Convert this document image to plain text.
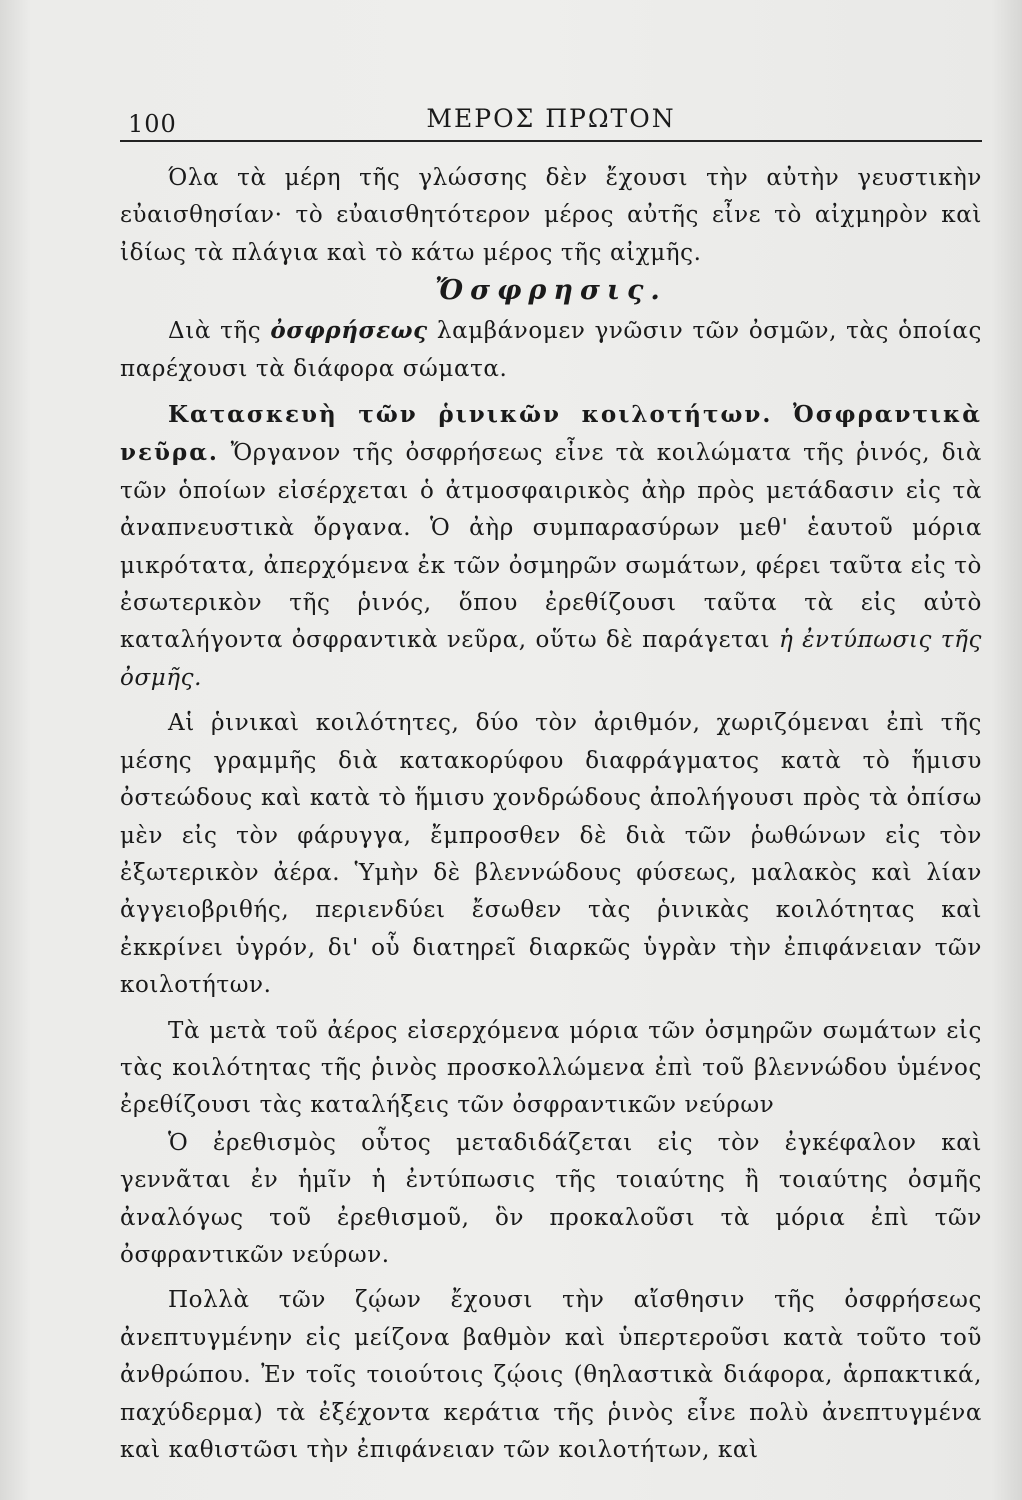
100	ΜΕΡΟΣ ΠΡΩΤΟΝ

Όλα τὰ μέρη τῆς γλώσσης δὲν ἔχουσι τὴν αὐτὴν γευστικὴν εὐαισθησίαν· τὸ εὐαισθητότερον μέρος αὐτῆς εἶνε τὸ αἰχμηρὸν καὶ ἰδίως τὰ πλάγια καὶ τὸ κάτω μέρος τῆς αἰχμῆς.

Ὄσφρησις.

Διὰ τῆς ὀσφρήσεως λαμβάνομεν γνῶσιν τῶν ὀσμῶν, τὰς ὁποίας παρέχουσι τὰ διάφορα σώματα.

Κατασκευὴ τῶν ῥινικῶν κοιλοτήτων. Ὀσφραντικὰ νεῦρα. Ὄργανον τῆς ὀσφρήσεως εἶνε τὰ κοιλώματα τῆς ῥινός, διὰ τῶν ὁποίων εἰσέρχεται ὁ ἀτμοσφαιρικὸς ἀὴρ πρὸς μετάδασιν εἰς τὰ ἀναπνευστικὰ ὄργανα. Ὁ ἀὴρ συμπαρασύρων μεθ' ἑαυτοῦ μόρια μικρότατα, ἀπερχόμενα ἐκ τῶν ὀσμηρῶν σωμάτων, φέρει ταῦτα εἰς τὸ ἐσωτερικὸν τῆς ῥινός, ὅπου ἐρεθίζουσι ταῦτα τὰ εἰς αὐτὸ καταλήγοντα ὀσφραντικὰ νεῦρα, οὕτω δὲ παράγεται ἡ ἐντύπωσις τῆς ὀσμῆς.

Αἱ ῥινικαὶ κοιλότητες, δύο τὸν ἀριθμόν, χωριζόμεναι ἐπὶ τῆς μέσης γραμμῆς διὰ κατακορύφου διαφράγματος κατὰ τὸ ἥμισυ ὀστεώδους καὶ κατὰ τὸ ἥμισυ χονδρώδους ἀπολήγουσι πρὸς τὰ ὀπίσω μὲν εἰς τὸν φάρυγγα, ἔμπροσθεν δὲ διὰ τῶν ῥωθώνων εἰς τὸν ἐξωτερικὸν ἀέρα. Ὑμὴν δὲ βλεννώδους φύσεως, μαλακὸς καὶ λίαν ἀγγειοβριθής, περιενδύει ἔσωθεν τὰς ῥινικὰς κοιλότητας καὶ ἐκκρίνει ὑγρόν, δι' οὗ διατηρεῖ διαρκῶς ὑγρὰν τὴν ἐπιφάνειαν τῶν κοιλοτήτων.

Τὰ μετὰ τοῦ ἀέρος εἰσερχόμενα μόρια τῶν ὀσμηρῶν σωμάτων εἰς τὰς κοιλότητας τῆς ῥινὸς προσκολλώμενα ἐπὶ τοῦ βλεννώδου ὑμένος ἐρεθίζουσι τὰς καταλήξεις τῶν ὀσφραντικῶν νεύρων

Ὁ ἐρεθισμὸς οὗτος μεταδιδάζεται εἰς τὸν ἐγκέφαλον καὶ γεννᾶται ἐν ἡμῖν ἡ ἐντύπωσις τῆς τοιαύτης ἢ τοιαύτης ὀσμῆς ἀναλόγως τοῦ ἐρεθισμοῦ, ὃν προκαλοῦσι τὰ μόρια ἐπὶ τῶν ὀσφραντικῶν νεύρων.

Πολλὰ τῶν ζῴων ἔχουσι τὴν αἴσθησιν τῆς ὀσφρήσεως ἀνεπτυγμένην εἰς μείζονα βαθμὸν καὶ ὑπερτεροῦσι κατὰ τοῦτο τοῦ ἀνθρώπου. Ἐν τοῖς τοιούτοις ζῴοις (θηλαστικὰ διάφορα, ἁρπακτικά, παχύδερμα) τὰ ἐξέχοντα κεράτια τῆς ῥινὸς εἶνε πολὺ ἀνεπτυγμένα καὶ καθιστῶσι τὴν ἐπιφάνειαν τῶν κοιλοτήτων, καὶ
